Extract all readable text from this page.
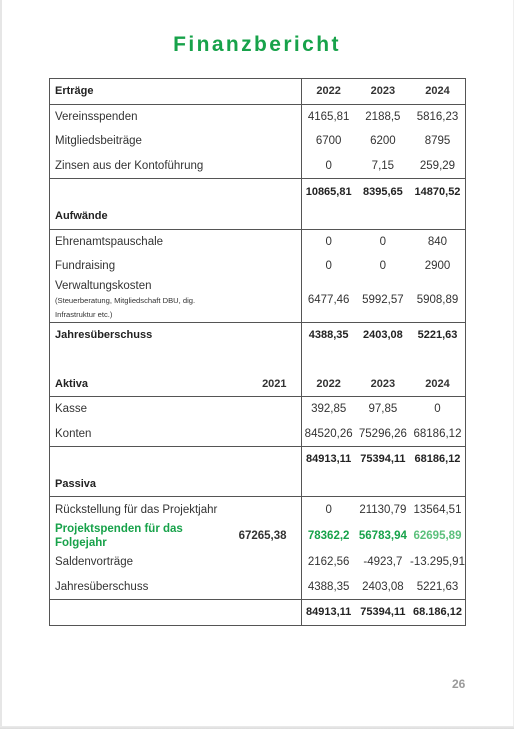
Finanzbericht
Erträge		2022	2023	2024
Vereinsspenden		4165,81	2188,5	5816,23
Mitgliedsbeiträge		6700	6200	8795
Zinsen aus der Kontoführung		0	7,15	259,29
		10865,81	8395,65	14870,52
Aufwände				
Ehrenamtspauschale		0	0	840
Fundraising		0	0	2900
Verwaltungskosten
(Steuerberatung, Mitgliedschaft DBU, dig. Infrastruktur etc.)		6477,46	5992,57	5908,89
Jahresüberschuss		4388,35	2403,08	5221,63

Aktiva	2021	2022	2023	2024
Kasse		392,85	97,85	0
Konten		84520,26	75296,26	68186,12
		84913,11	75394,11	68186,12
Passiva				
Rückstellung für das Projektjahr		0	21130,79	13564,51
Projektspenden für das Folgejahr	67265,38	78362,2	56783,94	62695,89
Saldenvorträge		2162,56	-4923,7	-13.295,91
Jahresüberschuss		4388,35	2403,08	5221,63
		84913,11	75394,11	68.186,12
26
